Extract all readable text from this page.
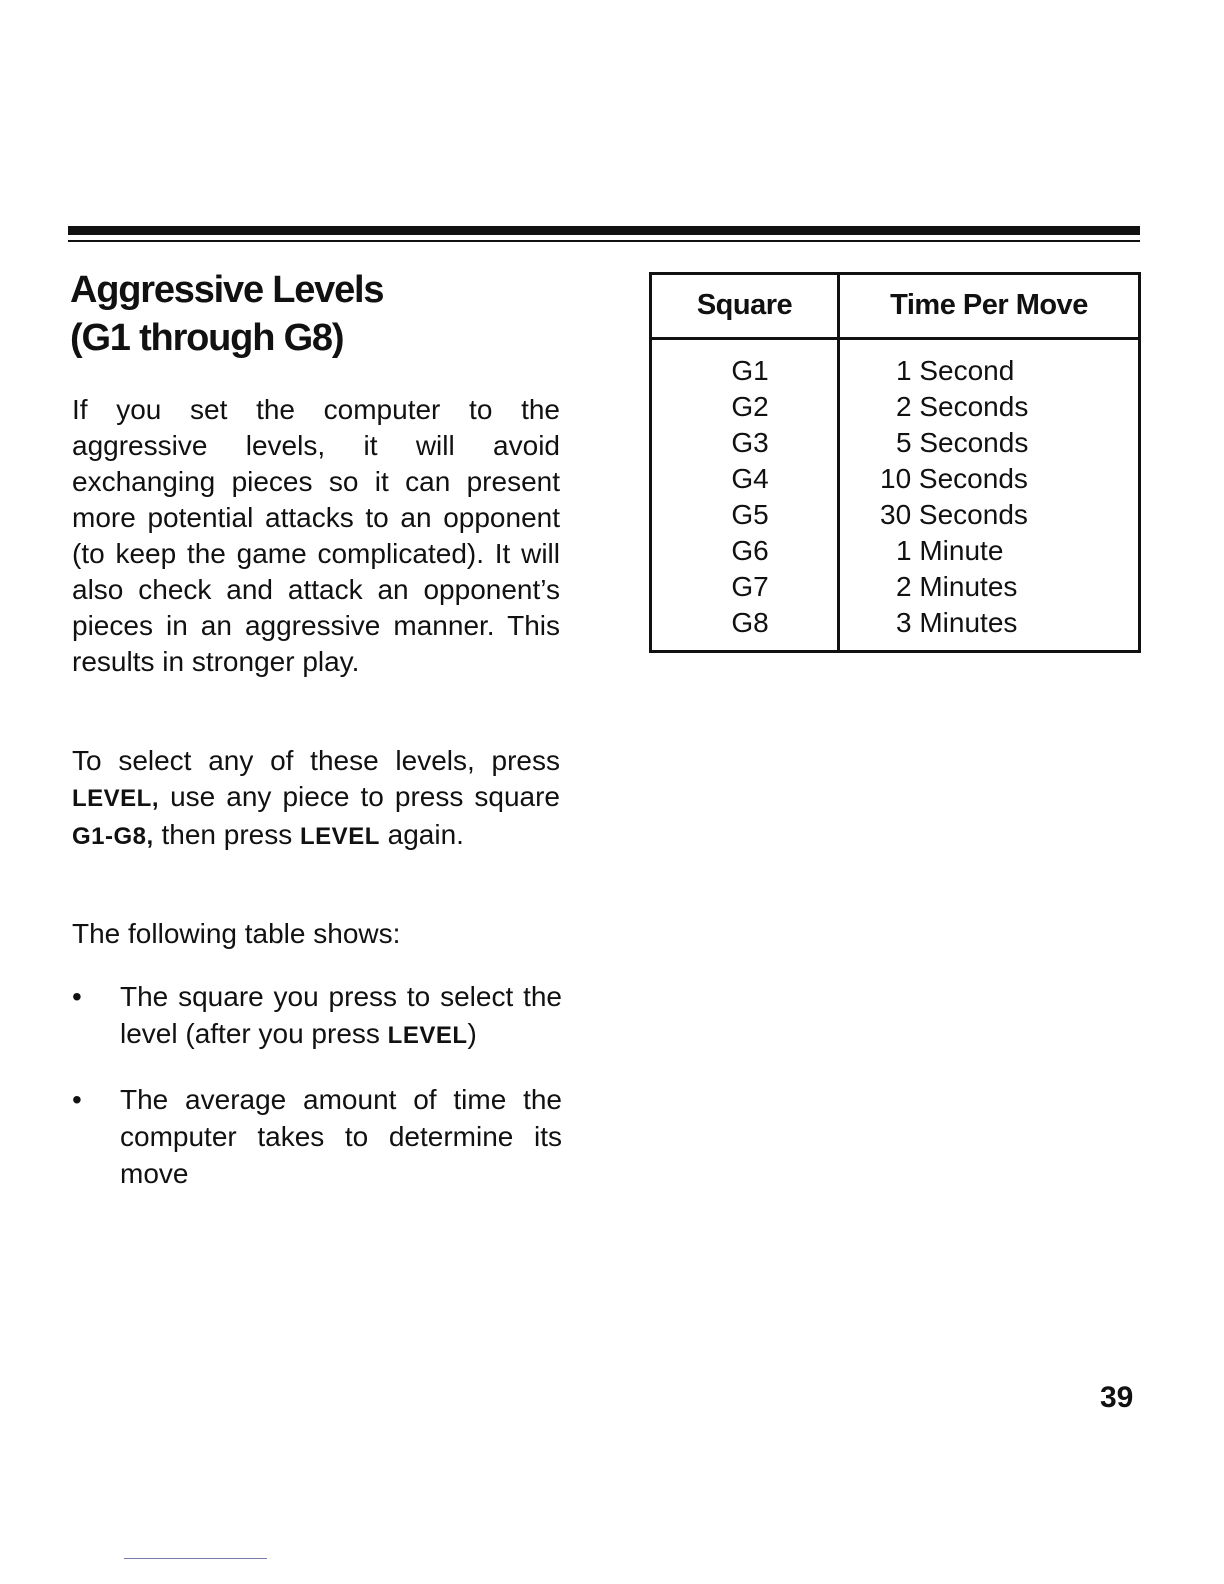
Aggressive Levels
(G1 through G8)

If you set the computer to the aggressive levels, it will avoid exchanging pieces so it can present more potential attacks to an opponent (to keep the game complicated). It will also check and attack an opponent’s pieces in an aggressive manner. This results in stronger play.

To select any of these levels, press LEVEL, use any piece to press square G1-G8, then press LEVEL again.

The following table shows:

• The square you press to select the level (after you press LEVEL)
• The average amount of time the computer takes to determine its move
Square	Time Per Move
G1	1 Second
G2	2 Seconds
G3	5 Seconds
G4	10 Seconds
G5	30 Seconds
G6	1 Minute
G7	2 Minutes
G8	3 Minutes
39
